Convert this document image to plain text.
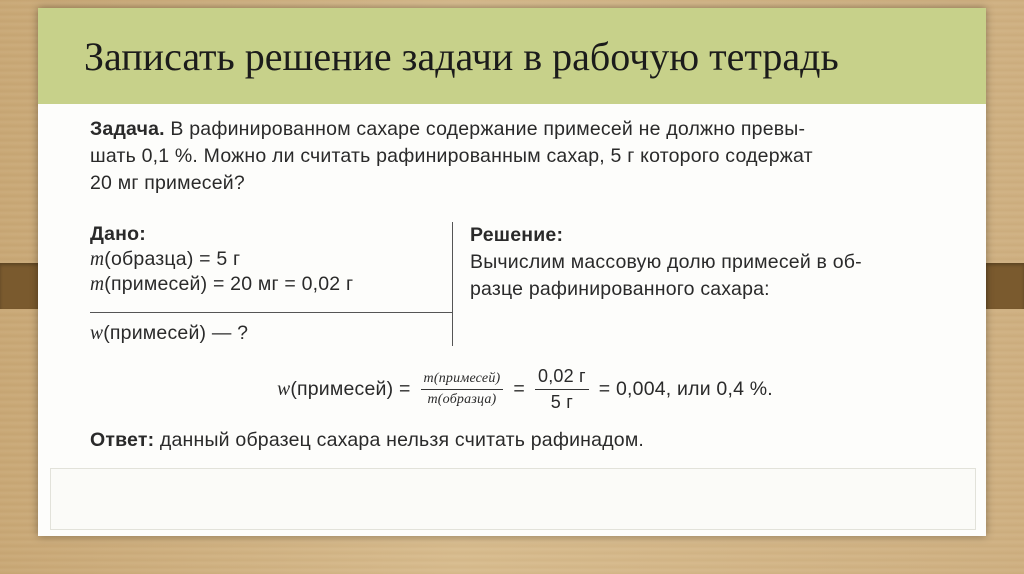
Записать решение задачи в рабочую тетрадь

Задача. В рафинированном сахаре содержание примесей не должно превы-

шать 0,1 %. Можно ли считать рафинированным сахар, 5 г которого содержат

20 мг примесей?

Дано:
m(образца) = 5 г
m(примесей) = 20 мг = 0,02 г
w(примесей) — ?
Решение:
Вычислим массовую долю примесей в об-
разце рафинированного сахара:
w (примесей) = $\frac{\text{m(примесей)}}{\text{m(образца)}} = \frac{0,02 г}{5 г} = 0,004$, или 0,4 %.
Ответ: данный образец сахара нельзя считать рафинадом.
